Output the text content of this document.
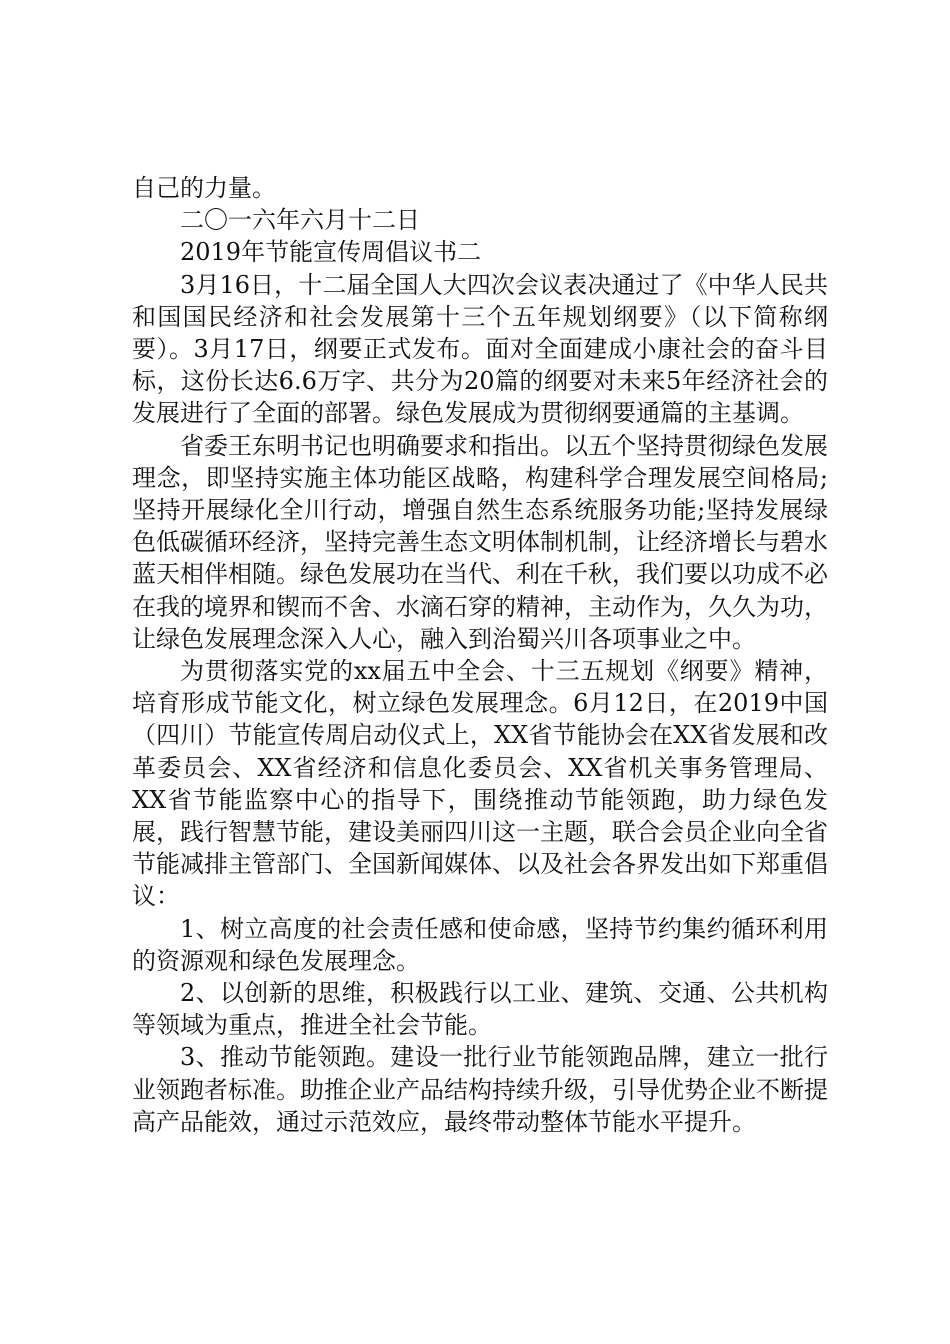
自己的力量。

二〇一六年六月十二日

2019年节能宣传周倡议书二

3月16日，十二届全国人大四次会议表决通过了《中华人民共和国国民经济和社会发展第十三个五年规划纲要》（以下简称纲要）。3月17日，纲要正式发布。面对全面建成小康社会的奋斗目标，这份长达6.6万字、共分为20篇的纲要对未来5年经济社会的发展进行了全面的部署。绿色发展成为贯彻纲要通篇的主基调。

省委王东明书记也明确要求和指出。以五个坚持贯彻绿色发展理念，即坚持实施主体功能区战略，构建科学合理发展空间格局;坚持开展绿化全川行动，增强自然生态系统服务功能;坚持发展绿色低碳循环经济，坚持完善生态文明体制机制，让经济增长与碧水蓝天相伴相随。绿色发展功在当代、利在千秋，我们要以功成不必在我的境界和锲而不舍、水滴石穿的精神，主动作为，久久为功，让绿色发展理念深入人心，融入到治蜀兴川各项事业之中。

为贯彻落实党的xx届五中全会、十三五规划《纲要》精神，培育形成节能文化，树立绿色发展理念。6月12日，在2019中国（四川）节能宣传周启动仪式上，XX省节能协会在XX省发展和改革委员会、XX省经济和信息化委员会、XX省机关事务管理局、XX省节能监察中心的指导下，围绕推动节能领跑，助力绿色发展，践行智慧节能，建设美丽四川这一主题，联合会员企业向全省节能减排主管部门、全国新闻媒体、以及社会各界发出如下郑重倡议：

1、树立高度的社会责任感和使命感，坚持节约集约循环利用的资源观和绿色发展理念。

2、以创新的思维，积极践行以工业、建筑、交通、公共机构等领域为重点，推进全社会节能。

3、推动节能领跑。建设一批行业节能领跑品牌，建立一批行业领跑者标准。助推企业产品结构持续升级，引导优势企业不断提高产品能效，通过示范效应，最终带动整体节能水平提升。
